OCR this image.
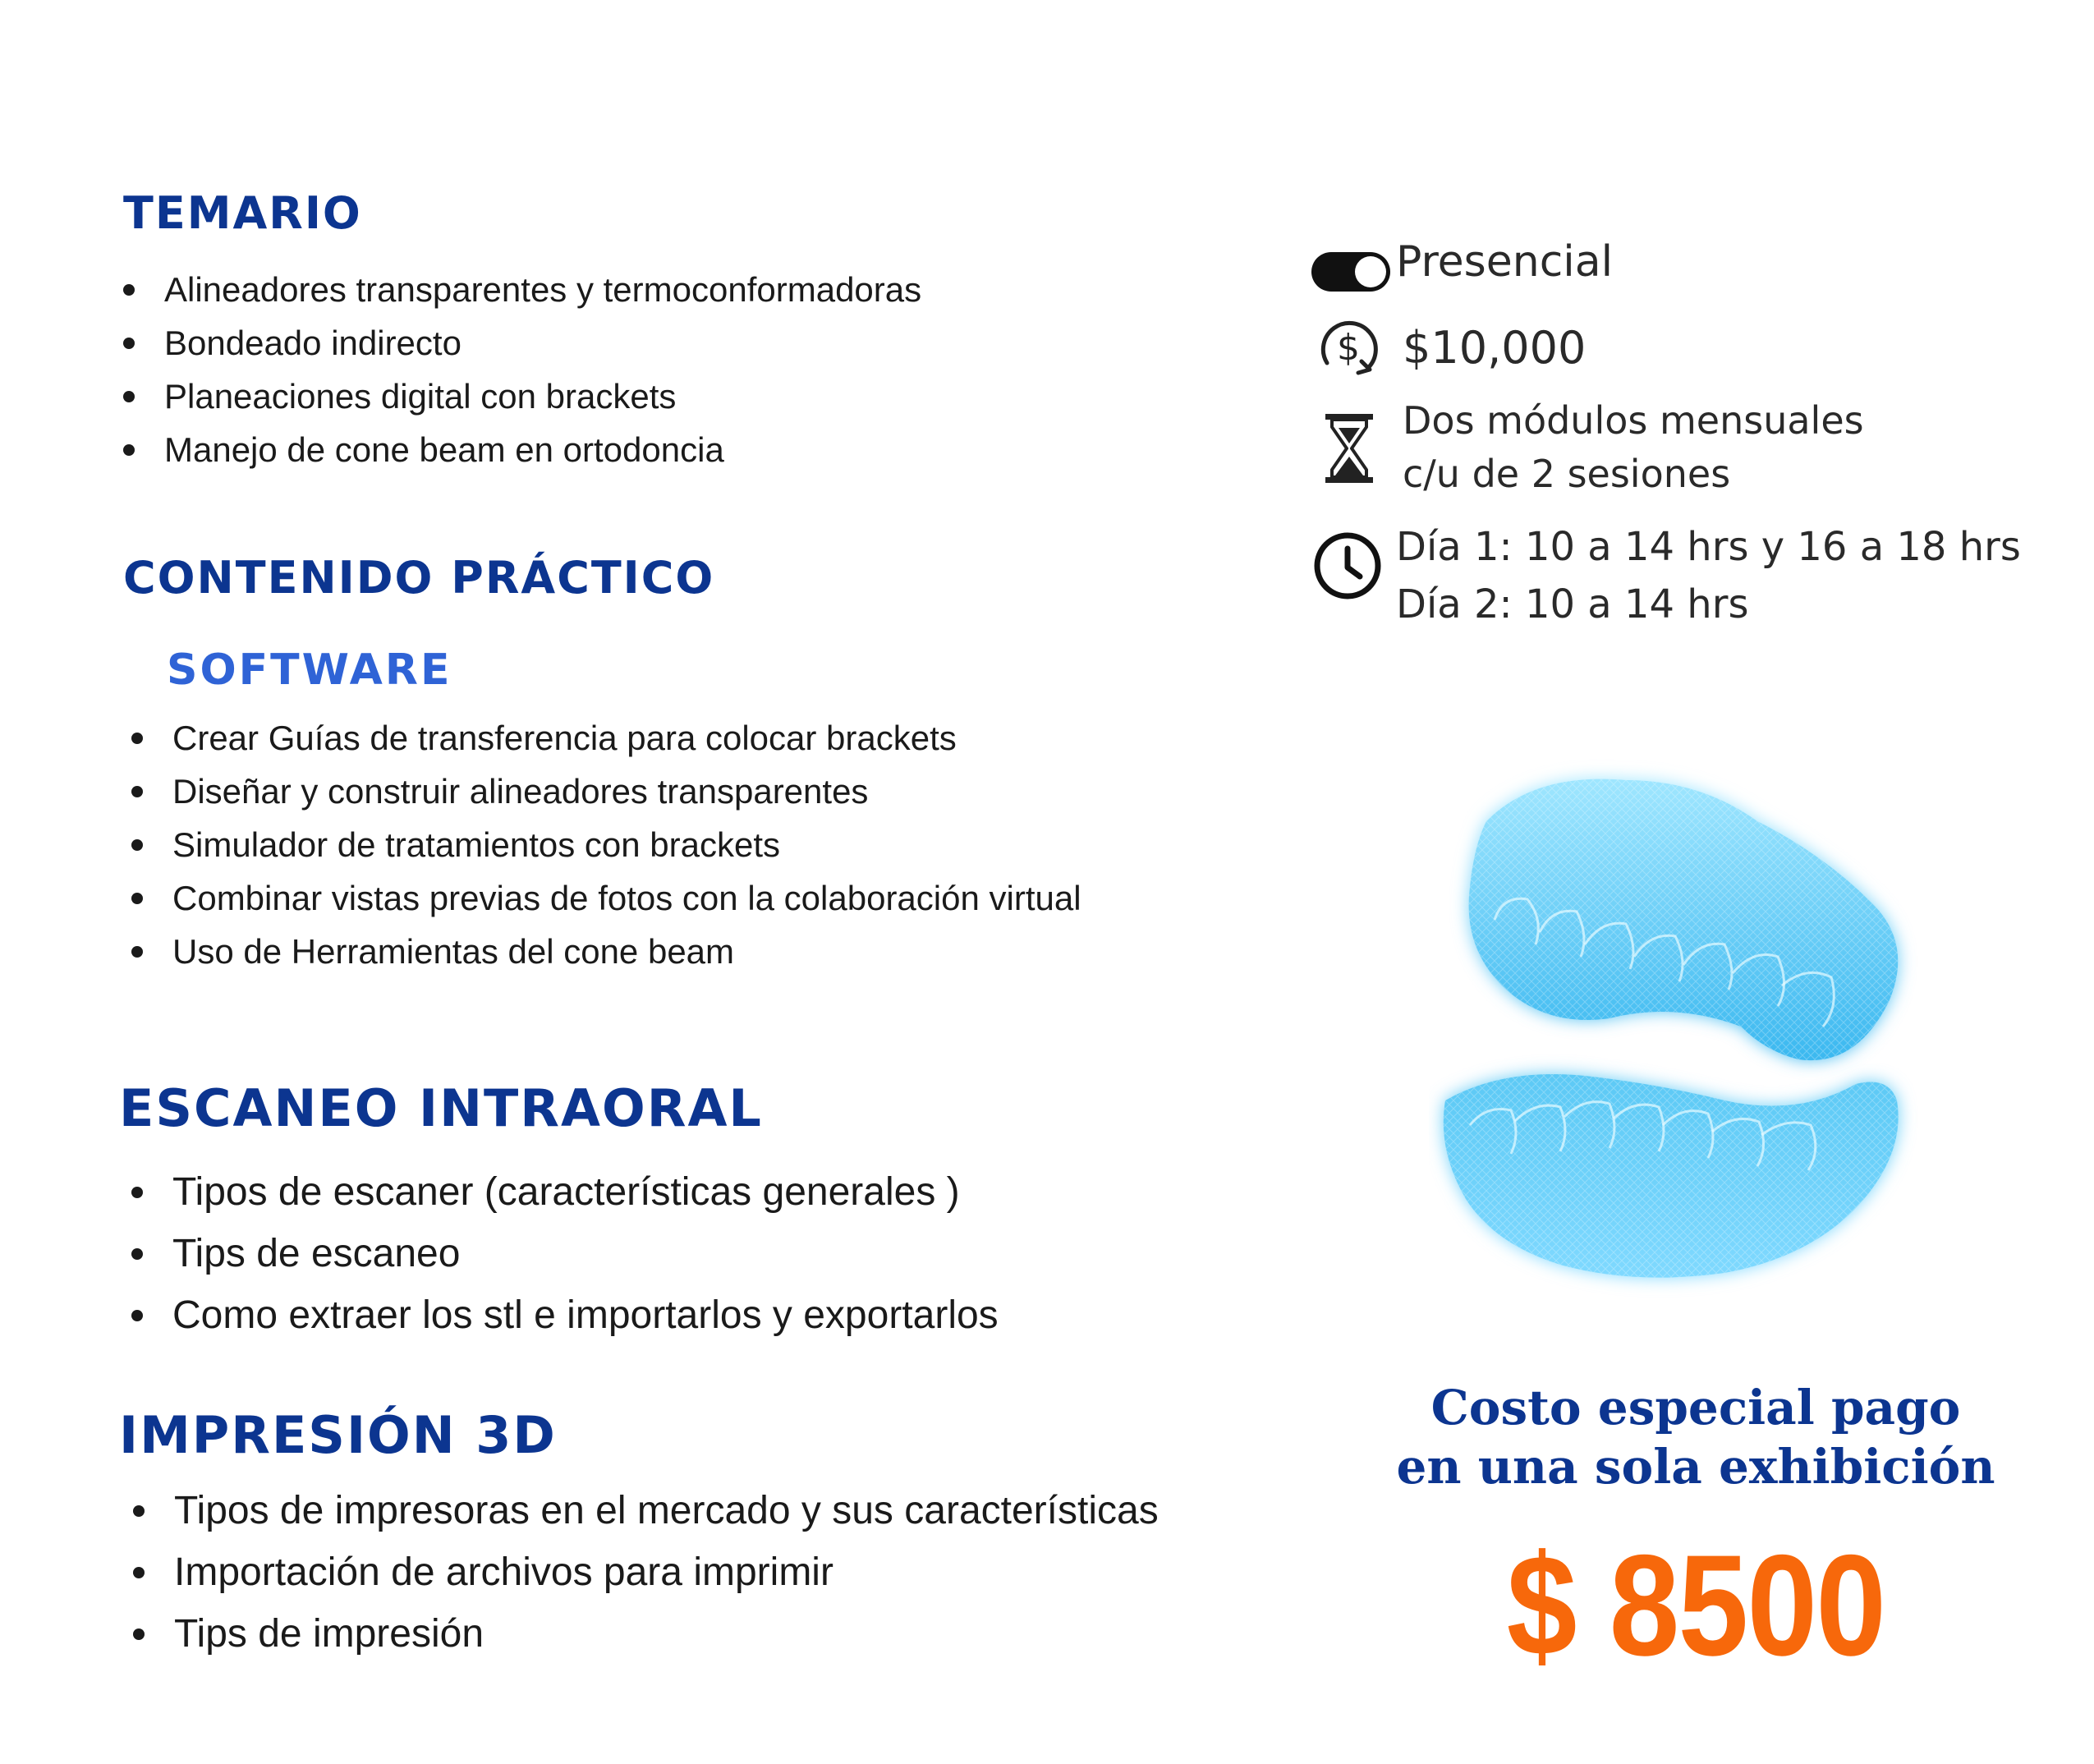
TEMARIO
Alineadores transparentes y termoconformadoras
Bondeado indirecto
Planeaciones digital con brackets
Manejo de cone beam en ortodoncia
CONTENIDO PRÁCTICO
SOFTWARE
Crear Guías de transferencia para colocar brackets
Diseñar y construir alineadores transparentes
Simulador de tratamientos con brackets
Combinar vistas previas de fotos con la colaboración virtual
Uso de Herramientas del cone beam
ESCANEO INTRAORAL
Tipos de escaner (características generales )
Tips de escaneo
Como extraer los stl e importarlos y exportarlos
IMPRESIÓN 3D
Tipos de impresoras en el mercado y sus características
Importación de archivos para imprimir
Tips de impresión

Presencial

$ $10,000

Dos módulos mensuales

c/u de 2 sesiones

Día 1: 10 a 14 hrs y 16 a 18 hrs

Día 2: 10 a 14 hrs

Costo especial pago
en una sola exhibición

$ 8500
